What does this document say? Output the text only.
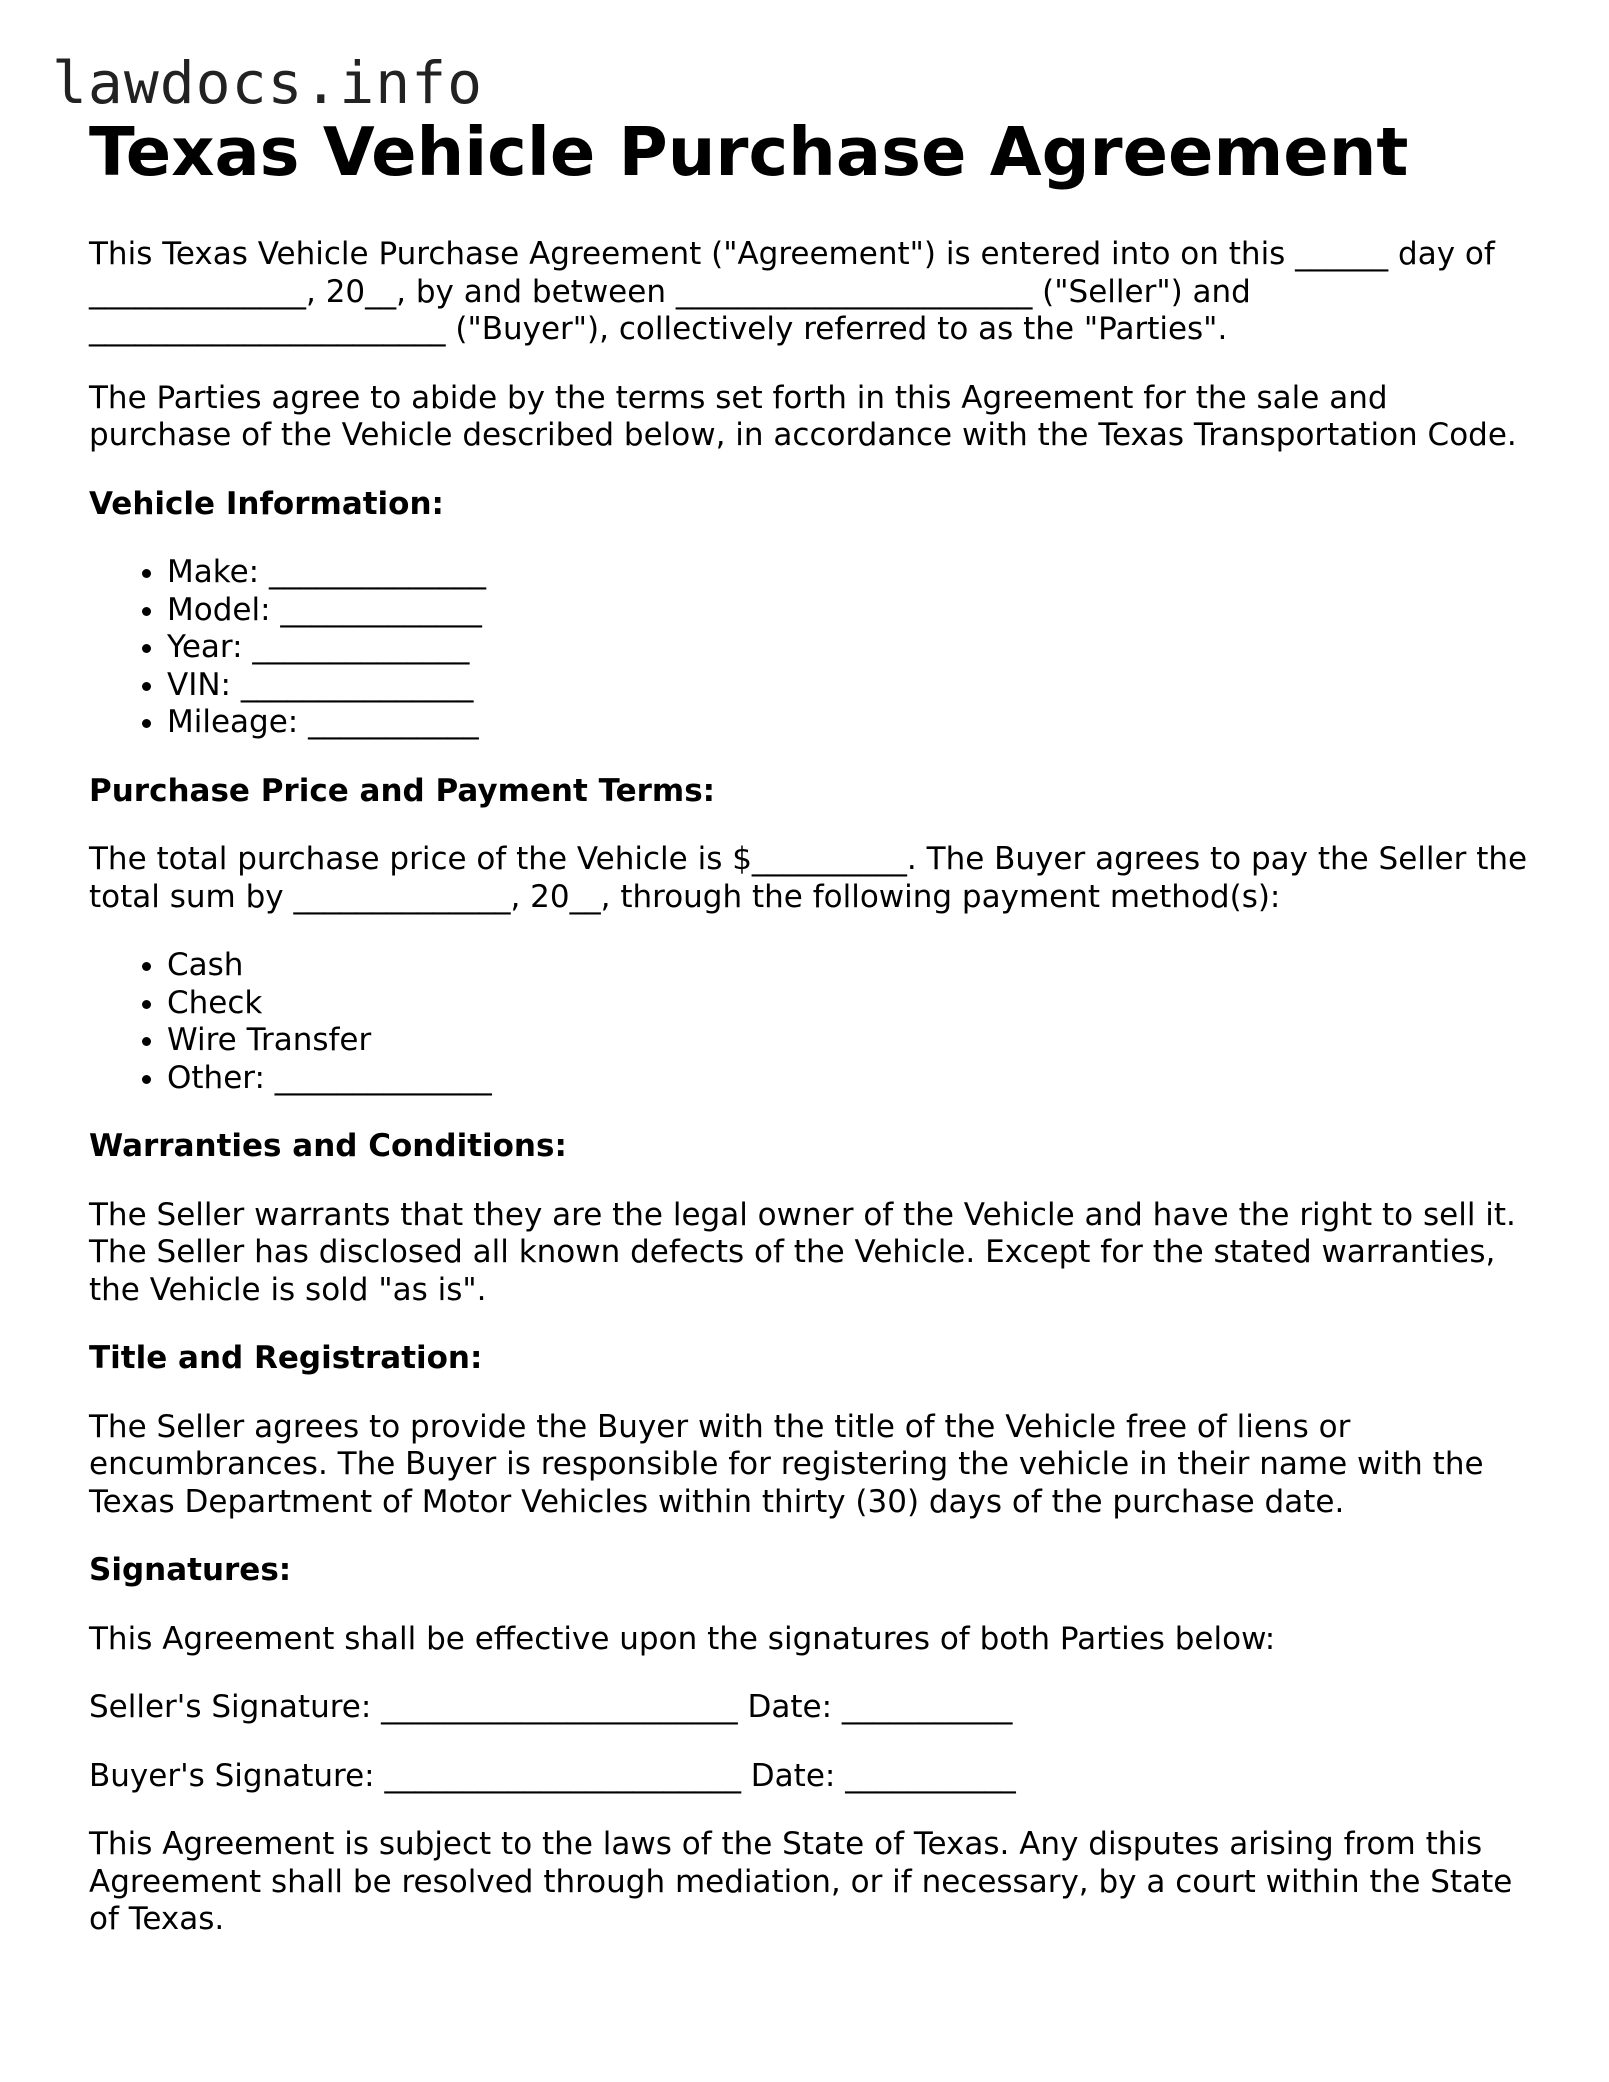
lawdocs.info
Texas Vehicle Purchase Agreement

This Texas Vehicle Purchase Agreement ("Agreement") is entered into on this ______ day of ______________, 20__, by and between _______________________ ("Seller") and _______________________ ("Buyer"), collectively referred to as the "Parties".

The Parties agree to abide by the terms set forth in this Agreement for the sale and purchase of the Vehicle described below, in accordance with the Texas Transportation Code.

Vehicle Information:
• Make: ______________
• Model: _____________
• Year: ______________
• VIN: _______________
• Mileage: ___________
Purchase Price and Payment Terms:

The total purchase price of the Vehicle is $__________. The Buyer agrees to pay the Seller the total sum by ______________, 20__, through the following payment method(s):

• Cash
• Check
• Wire Transfer
• Other: ______________
Warranties and Conditions:

The Seller warrants that they are the legal owner of the Vehicle and have the right to sell it. The Seller has disclosed all known defects of the Vehicle. Except for the stated warranties, the Vehicle is sold "as is".

Title and Registration:

The Seller agrees to provide the Buyer with the title of the Vehicle free of liens or encumbrances. The Buyer is responsible for registering the vehicle in their name with the Texas Department of Motor Vehicles within thirty (30) days of the purchase date.

Signatures:

This Agreement shall be effective upon the signatures of both Parties below:

Seller's Signature: _______________________ Date: ___________

Buyer's Signature: _______________________ Date: ___________

This Agreement is subject to the laws of the State of Texas. Any disputes arising from this Agreement shall be resolved through mediation, or if necessary, by a court within the State of Texas.
